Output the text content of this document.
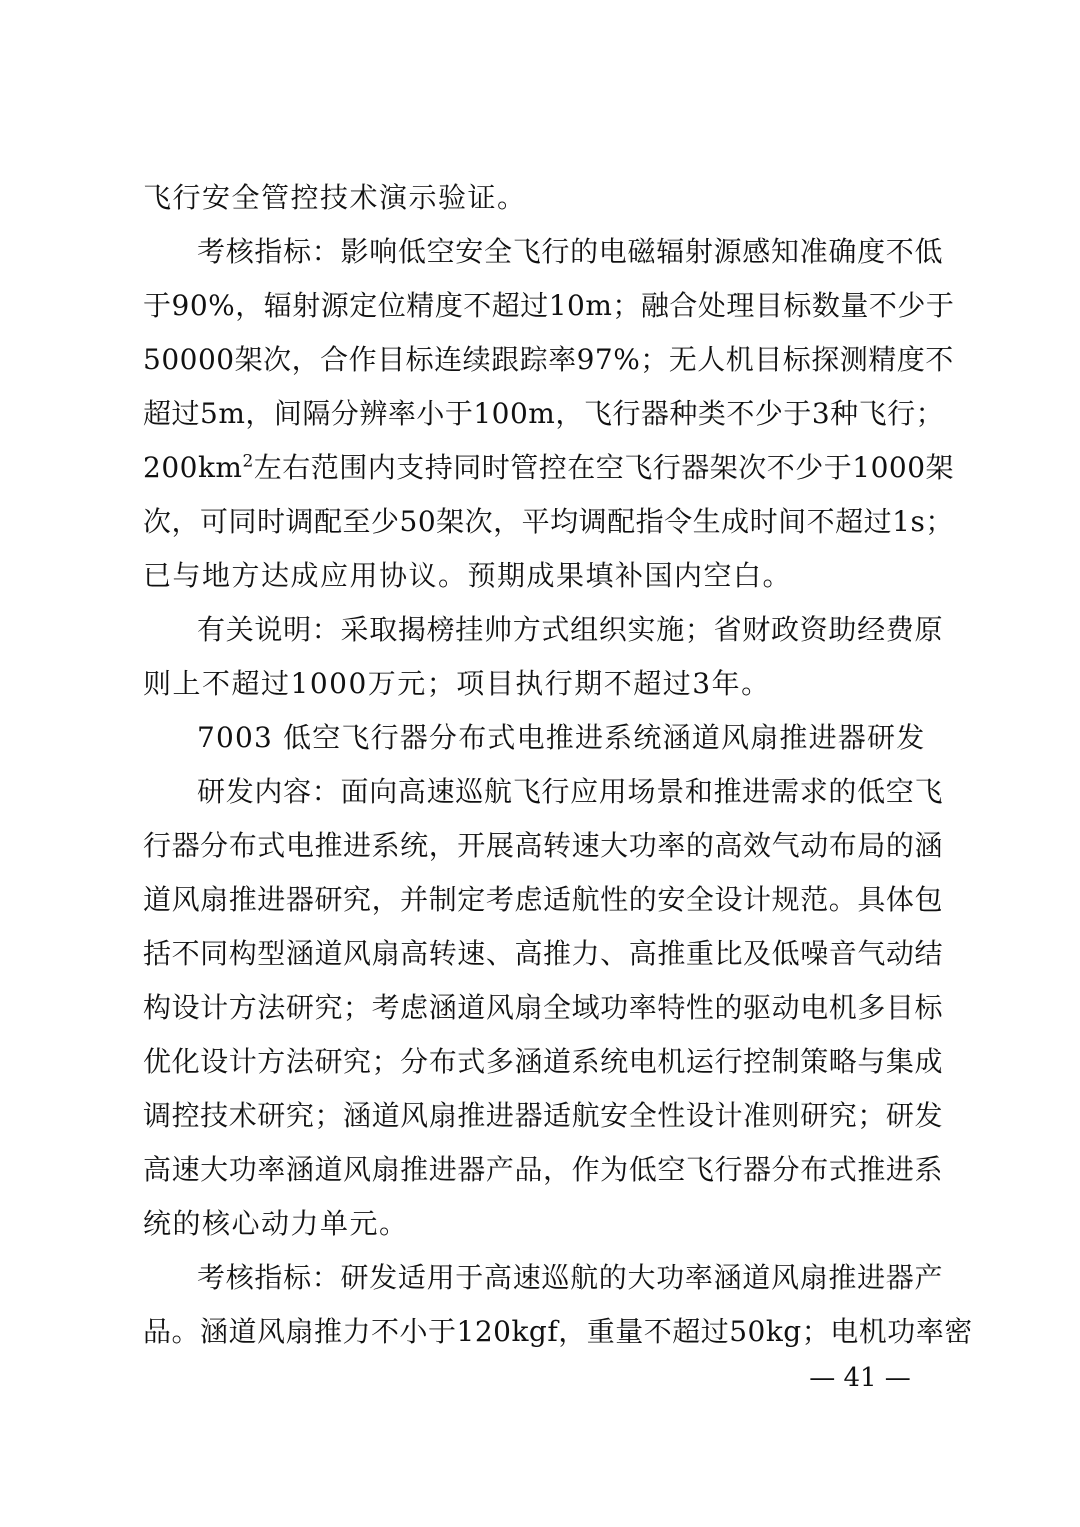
飞行安全管控技术演示验证。
考核指标：影响低空安全飞行的电磁辐射源感知准确度不低
于90%，辐射源定位精度不超过10m；融合处理目标数量不少于
50000架次，合作目标连续跟踪率97%；无人机目标探测精度不
超过5m，间隔分辨率小于100m，飞行器种类不少于3种飞行；
$200km^2$左右范围内支持同时管控在空飞行器架次不少于1000架
次，可同时调配至少50架次，平均调配指令生成时间不超过1s；
已与地方达成应用协议。预期成果填补国内空白。
有关说明：采取揭榜挂帅方式组织实施；省财政资助经费原
则上不超过1000万元；项目执行期不超过3年。
7003 低空飞行器分布式电推进系统涵道风扇推进器研发
研发内容：面向高速巡航飞行应用场景和推进需求的低空飞
行器分布式电推进系统，开展高转速大功率的高效气动布局的涵
道风扇推进器研究，并制定考虑适航性的安全设计规范。具体包
括不同构型涵道风扇高转速、高推力、高推重比及低噪音气动结
构设计方法研究；考虑涵道风扇全域功率特性的驱动电机多目标
优化设计方法研究；分布式多涵道系统电机运行控制策略与集成
调控技术研究；涵道风扇推进器适航安全性设计准则研究；研发
高速大功率涵道风扇推进器产品，作为低空飞行器分布式推进系
统的核心动力单元。
考核指标：研发适用于高速巡航的大功率涵道风扇推进器产
品。涵道风扇推力不小于120kgf，重量不超过50kg；电机功率密
— 41 —
